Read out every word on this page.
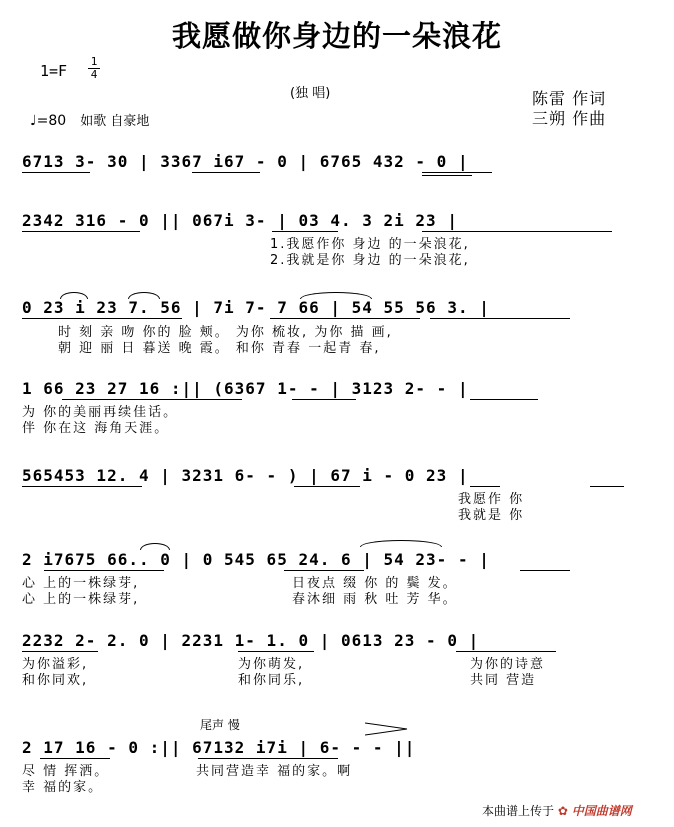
我愿做你身边的一朵浪花
1=F
1
4
(独 唱)	陈雷 作词
三朔 作曲
♩=80 如歌 自豪地
6713 3- 30 | 3367 i67 - 0 | 6765 432 - 0 |
2342 316 - 0 || 067i 3- | 03 4. 3 2i 23 |
1.我愿作你 身边 的一朵浪花,
2.我就是你 身边 的一朵浪花,
0 23 i 23 7. 56 | 7i 7- 7 66 | 54 55 56 3. |
时 刻 亲 吻 你的 脸 颊。 为你 梳妆, 为你 描 画,
朝 迎 丽 日 暮送 晚 霞。 和你 青春 一起青 春,
1 66 23 27 16 :|| (6367 1- - | 3123 2- - |
为 你的美丽再续佳话。
伴 你在这 海角天涯。
565453 12. 4 | 3231 6- - ) | 67 i - 0 23 |
我愿作 你
我就是 你
2 i7675 66.. 0 | 0 545 65 24. 6 | 54 23- - |
心 上的一株绿芽,
心 上的一株绿芽,
日夜点 缀 你 的 鬓 发。
春沐细 雨 秋 吐 芳 华。
2232 2- 2. 0 | 2231 1- 1. 0 | 0613 23 - 0 |
为你溢彩,
和你同欢,
为你萌发,
和你同乐,
为你的诗意
共同 营造
尾声 慢
2 17 16 - 0 :|| 67132 i7i | 6- - - ||
尽 情 挥洒。
幸 福的家。
共同营造幸 福的家。啊
本曲谱上传于 ✿ 中国曲谱网
